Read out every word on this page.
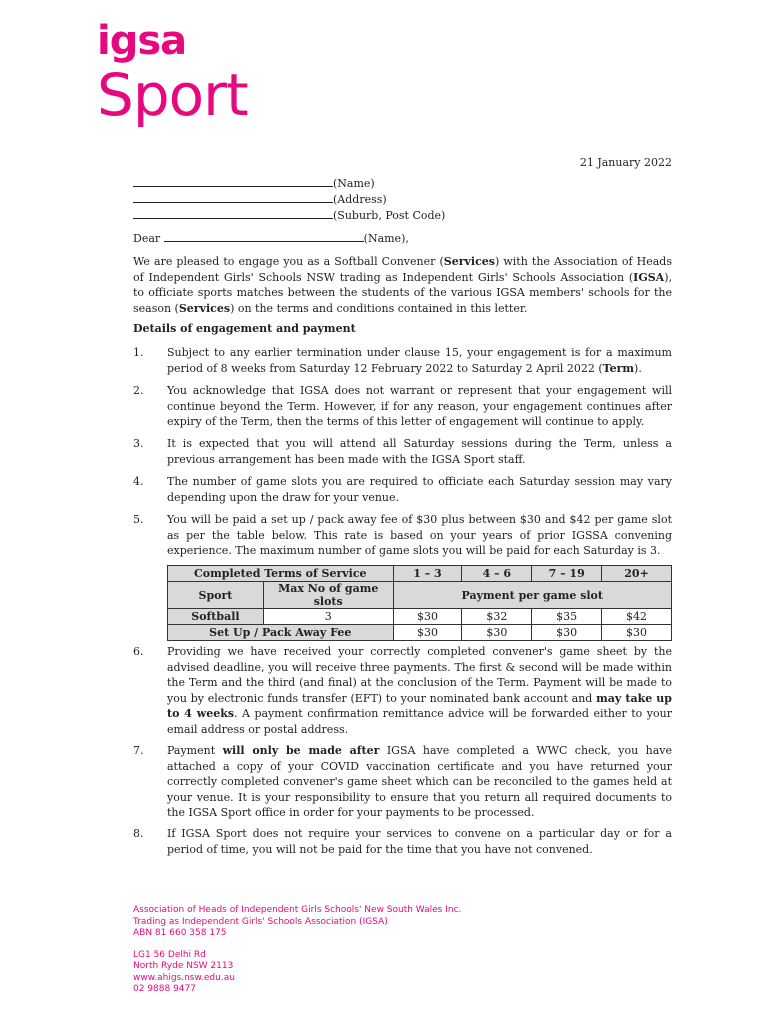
igsa
Sport
21 January 2022
(Name)
(Address)
(Suburb, Post Code)
Dear	(Name),
We are pleased to engage you as a Softball Convener (Services) with the Association of Heads of Independent Girls' Schools NSW trading as Independent Girls' Schools Association (IGSA), to officiate sports matches between the students of the various IGSA members' schools for the season (Services) on the terms and conditions contained in this letter.
Details of engagement and payment
1. Subject to any earlier termination under clause 15, your engagement is for a maximum period of 8 weeks from Saturday 12 February 2022 to Saturday 2 April 2022 (Term).
2. You acknowledge that IGSA does not warrant or represent that your engagement will continue beyond the Term. However, if for any reason, your engagement continues after expiry of the Term, then the terms of this letter of engagement will continue to apply.
3. It is expected that you will attend all Saturday sessions during the Term, unless a previous arrangement has been made with the IGSA Sport staff.
4. The number of game slots you are required to officiate each Saturday session may vary depending upon the draw for your venue.
5. You will be paid a set up / pack away fee of $30 plus between $30 and $42 per game slot as per the table below. This rate is based on your years of prior IGSSA convening experience. The maximum number of game slots you will be paid for each Saturday is 3.
Completed Terms of Service		1 – 3	4 – 6	7 – 19	20+
Sport	Max No of game slots	Payment per game slot			
Softball	3	$30	$32	$35	$42
Set Up / Pack Away Fee		$30	$30	$30	$30
6. Providing we have received your correctly completed convener's game sheet by the advised deadline, you will receive three payments. The first & second will be made within the Term and the third (and final) at the conclusion of the Term. Payment will be made to you by electronic funds transfer (EFT) to your nominated bank account and may take up to 4 weeks. A payment confirmation remittance advice will be forwarded either to your email address or postal address.
7. Payment will only be made after IGSA have completed a WWC check, you have attached a copy of your COVID vaccination certificate and you have returned your correctly completed convener's game sheet which can be reconciled to the games held at your venue. It is your responsibility to ensure that you return all required documents to the IGSA Sport office in order for your payments to be processed.
8. If IGSA Sport does not require your services to convene on a particular day or for a period of time, you will not be paid for the time that you have not convened.
Association of Heads of Independent Girls Schools' New South Wales Inc.
Trading as Independent Girls' Schools Association (IGSA)
ABN 81 660 358 175
LG1 56 Delhi Rd
North Ryde NSW 2113
www.ahigs.nsw.edu.au
02 9888 9477
